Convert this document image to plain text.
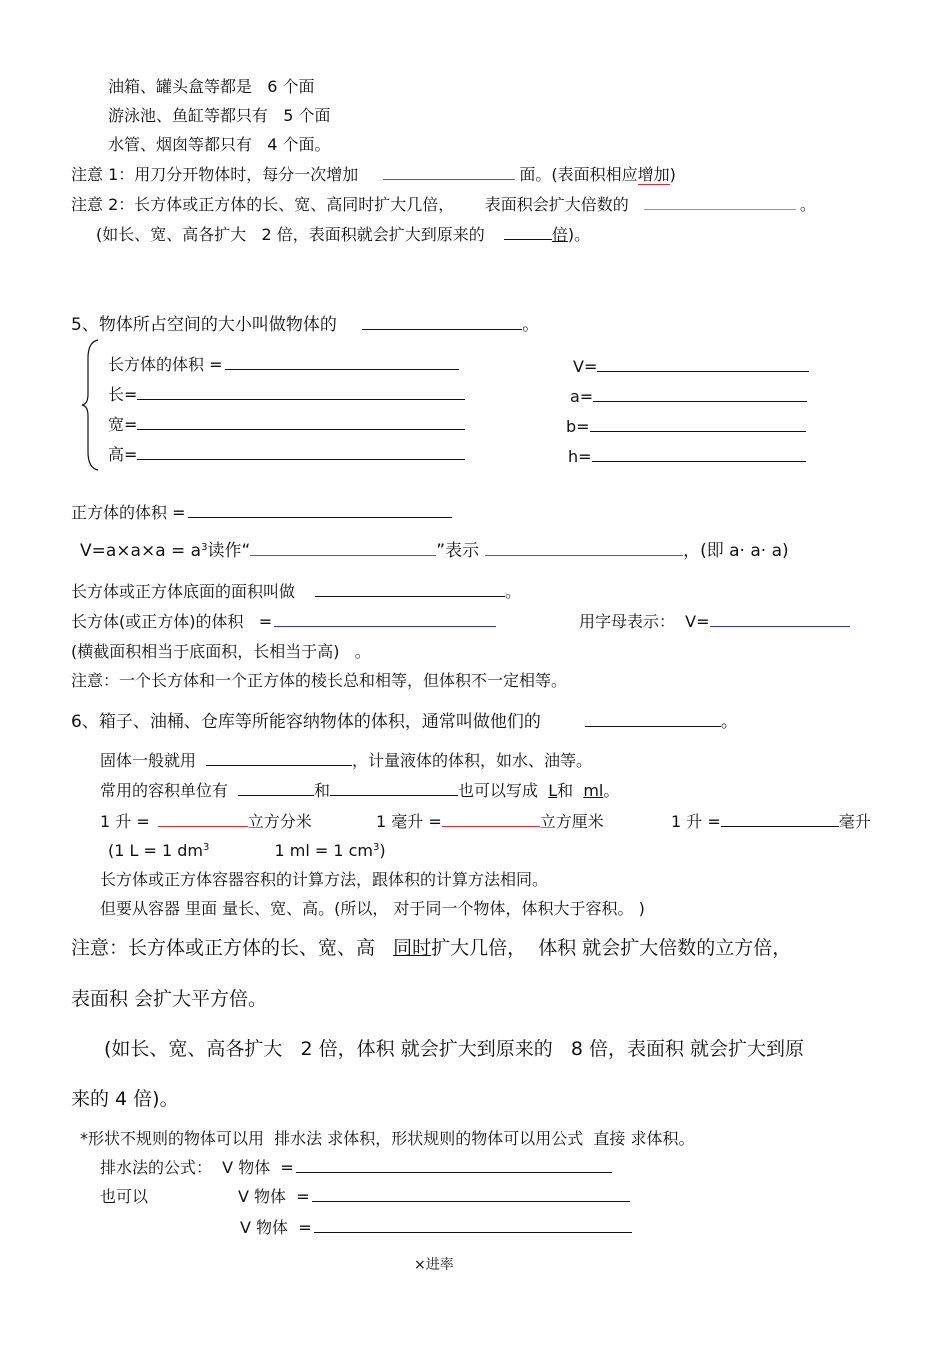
油箱、罐头盒等都是   6 个面
游泳池、鱼缸等都只有   5 个面
水管、烟囱等都只有   4 个面。
注意 1：用刀分开物体时，每分一次增加	面。(表面积相应增加)
注意 2：长方体或正方体的长、宽、高同时扩大几倍，      表面积会扩大倍数的	。
(如长、宽、高各扩大   2 倍，表面积就会扩大到原来的	倍)。
5、物体所占空间的大小叫做物体的	。
长方体的体积 =	V=
长=	a=
宽=	b=
高=	h=
正方体的体积 =
$V=a\times a\times a = a^3$读作“	”表示	，(即 a· a· a)
长方体或正方体底面的面积叫做	。
长方体(或正方体)的体积   =	用字母表示：  V=
(横截面积相当于底面积，长相当于高)   。
注意：一个长方体和一个正方体的棱长总和相等，但体积不一定相等。
6、箱子、油桶、仓库等所能容纳物体的体积，通常叫做他们的	。
固体一般就用	，计量液体的体积，如水、油等。
常用的容积单位有	和	也可以写成 L和 ml。
1 升 =	立方分米	1 毫升 =	立方厘米	1 升 =	毫升
(1 L = 1 $dm^3$	1 ml = 1 $cm^3$)
长方体或正方体容器容积的计算方法，跟体积的计算方法相同。
但要从容器 里面 量长、宽、高。(所以， 对于同一个物体，体积大于容积。 )
注意：长方体或正方体的长、宽、高   同时扩大几倍，  体积 就会扩大倍数的立方倍，
表面积 会扩大平方倍。
(如长、宽、高各扩大   2 倍，体积 就会扩大到原来的   8 倍，表面积 就会扩大到原
来的 4 倍)。
*形状不规则的物体可以用  排水法 求体积，形状规则的物体可以用公式  直接 求体积。
排水法的公式：  V 物体  =
也可以	V 物体  =
V 物体  =
×进率
